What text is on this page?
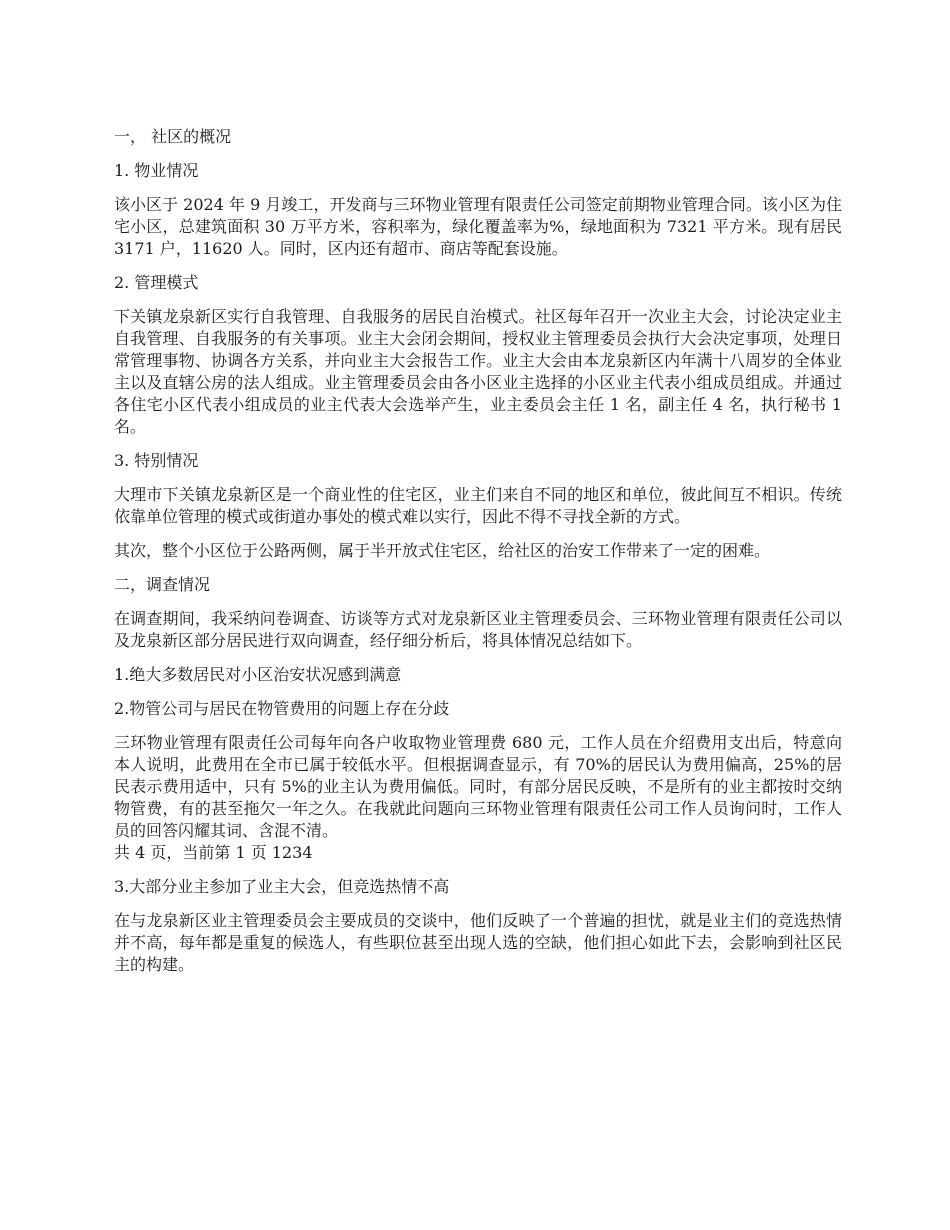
一， 社区的概况

1. 物业情况

该小区于 2024 年 9 月竣工，开发商与三环物业管理有限责任公司签定前期物业管理合同。该小区为住宅小区，总建筑面积 30 万平方米，容积率为，绿化覆盖率为%，绿地面积为 7321 平方米。现有居民 3171 户，11620 人。同时，区内还有超市、商店等配套设施。

2. 管理模式

下关镇龙泉新区实行自我管理、自我服务的居民自治模式。社区每年召开一次业主大会，讨论决定业主自我管理、自我服务的有关事项。业主大会闭会期间，授权业主管理委员会执行大会决定事项，处理日常管理事物、协调各方关系，并向业主大会报告工作。业主大会由本龙泉新区内年满十八周岁的全体业主以及直辖公房的法人组成。业主管理委员会由各小区业主选择的小区业主代表小组成员组成。并通过各住宅小区代表小组成员的业主代表大会选举产生，业主委员会主任 1 名，副主任 4 名，执行秘书 1 名。

3. 特别情况

大理市下关镇龙泉新区是一个商业性的住宅区，业主们来自不同的地区和单位，彼此间互不相识。传统依靠单位管理的模式或街道办事处的模式难以实行，因此不得不寻找全新的方式。

其次，整个小区位于公路两侧，属于半开放式住宅区，给社区的治安工作带来了一定的困难。

二，调查情况

在调查期间，我采纳问卷调查、访谈等方式对龙泉新区业主管理委员会、三环物业管理有限责任公司以及龙泉新区部分居民进行双向调查，经仔细分析后，将具体情况总结如下。

1.绝大多数居民对小区治安状况感到满意

2.物管公司与居民在物管费用的问题上存在分歧

三环物业管理有限责任公司每年向各户收取物业管理费 680 元，工作人员在介绍费用支出后，特意向本人说明，此费用在全市已属于较低水平。但根据调查显示，有 70%的居民认为费用偏高，25%的居民表示费用适中，只有 5%的业主认为费用偏低。同时，有部分居民反映，不是所有的业主都按时交纳物管费，有的甚至拖欠一年之久。在我就此问题向三环物业管理有限责任公司工作人员询问时，工作人员的回答闪耀其词、含混不清。

共 4 页，当前第 1 页 1234

3.大部分业主参加了业主大会，但竞选热情不高

在与龙泉新区业主管理委员会主要成员的交谈中，他们反映了一个普遍的担忧，就是业主们的竞选热情并不高，每年都是重复的候选人，有些职位甚至出现人选的空缺，他们担心如此下去，会影响到社区民主的构建。
